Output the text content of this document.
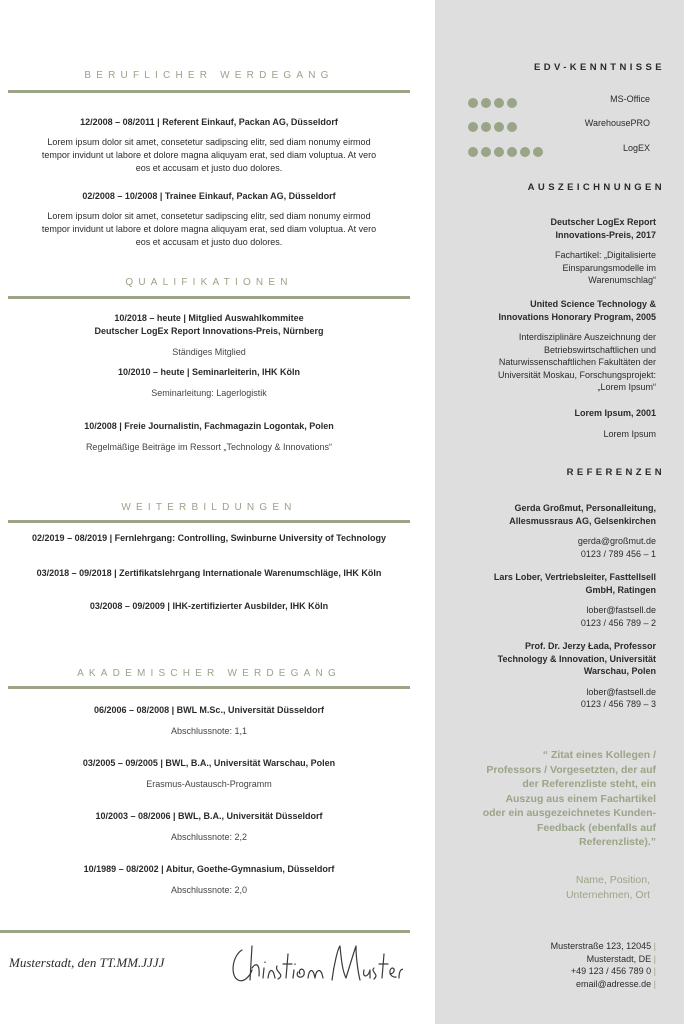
BERUFLICHER WERDEGANG
12/2008 – 08/2011 | Referent Einkauf, Packan AG, Düsseldorf
Lorem ipsum dolor sit amet, consetetur sadipscing elitr, sed diam nonumy eirmod
tempor invidunt ut labore et dolore magna aliquyam erat, sed diam voluptua. At vero
eos et accusam et justo duo dolores.
02/2008 – 10/2008 | Trainee Einkauf, Packan AG, Düsseldorf
Lorem ipsum dolor sit amet, consetetur sadipscing elitr, sed diam nonumy eirmod
tempor invidunt ut labore et dolore magna aliquyam erat, sed diam voluptua. At vero
eos et accusam et justo duo dolores.
QUALIFIKATIONEN
10/2018 – heute | Mitglied Auswahlkommitee
Deutscher LogEx Report Innovations-Preis, Nürnberg
Ständiges Mitglied
10/2010 – heute | Seminarleiterin, IHK Köln
Seminarleitung: Lagerlogistik
10/2008 | Freie Journalistin, Fachmagazin Logontak, Polen
Regelmäßige Beiträge im Ressort „Technology & Innovations“
WEITERBILDUNGEN
02/2019 – 08/2019 | Fernlehrgang: Controlling, Swinburne University of Technology
03/2018 – 09/2018 | Zertifikatslehrgang Internationale Warenumschläge, IHK Köln
03/2008 – 09/2009 | IHK-zertifizierter Ausbilder, IHK Köln
AKADEMISCHER WERDEGANG
06/2006 – 08/2008 | BWL M.Sc., Universität Düsseldorf
Abschlussnote: 1,1
03/2005 – 09/2005 | BWL, B.A., Universität Warschau, Polen
Erasmus-Austausch-Programm
10/2003 – 08/2006 | BWL, B.A., Universität Düsseldorf
Abschlussnote: 2,2
10/1989 – 08/2002 | Abitur, Goethe-Gymnasium, Düsseldorf
Abschlussnote: 2,0
Musterstadt, den TT.MM.JJJJ
EDV-KENNTNISSE
MS-Office
WarehousePRO
LogEX
AUSZEICHNUNGEN
Deutscher LogEx Report
Innovations-Preis, 2017
Fachartikel: „Digitalisierte
Einsparungsmodelle im
Warenumschlag“
United Science Technology &
Innovations Honorary Program, 2005
Interdisziplinäre Auszeichnung der
Betriebswirtschaftlichen und
Naturwissenschaftlichen Fakultäten der
Universität Moskau, Forschungsprojekt:
„Lorem Ipsum“
Lorem Ipsum, 2001
Lorem Ipsum
REFERENZEN
Gerda Großmut, Personalleitung,
Allesmussraus AG, Gelsenkirchen
gerda@großmut.de
0123 / 789 456 – 1
Lars Lober, Vertriebsleiter, Fasttellsell
GmbH, Ratingen
lober@fastsell.de
0123 / 456 789 – 2
Prof. Dr. Jerzy Łada, Professor
Technology & Innovation, Universität
Warschau, Polen
lober@fastsell.de
0123 / 456 789 – 3
“ Zitat eines Kollegen /
Professors / Vorgesetzten, der auf
der Referenzliste steht, ein
Auszug aus einem Fachartikel
oder ein ausgezeichnetes Kunden-
Feedback (ebenfalls auf
Referenzliste).”
Name, Position,
Unternehmen, Ort
Musterstraße 123, 12045 |
Musterstadt, DE |
+49 123 / 456 789 0 |
email@adresse.de |
